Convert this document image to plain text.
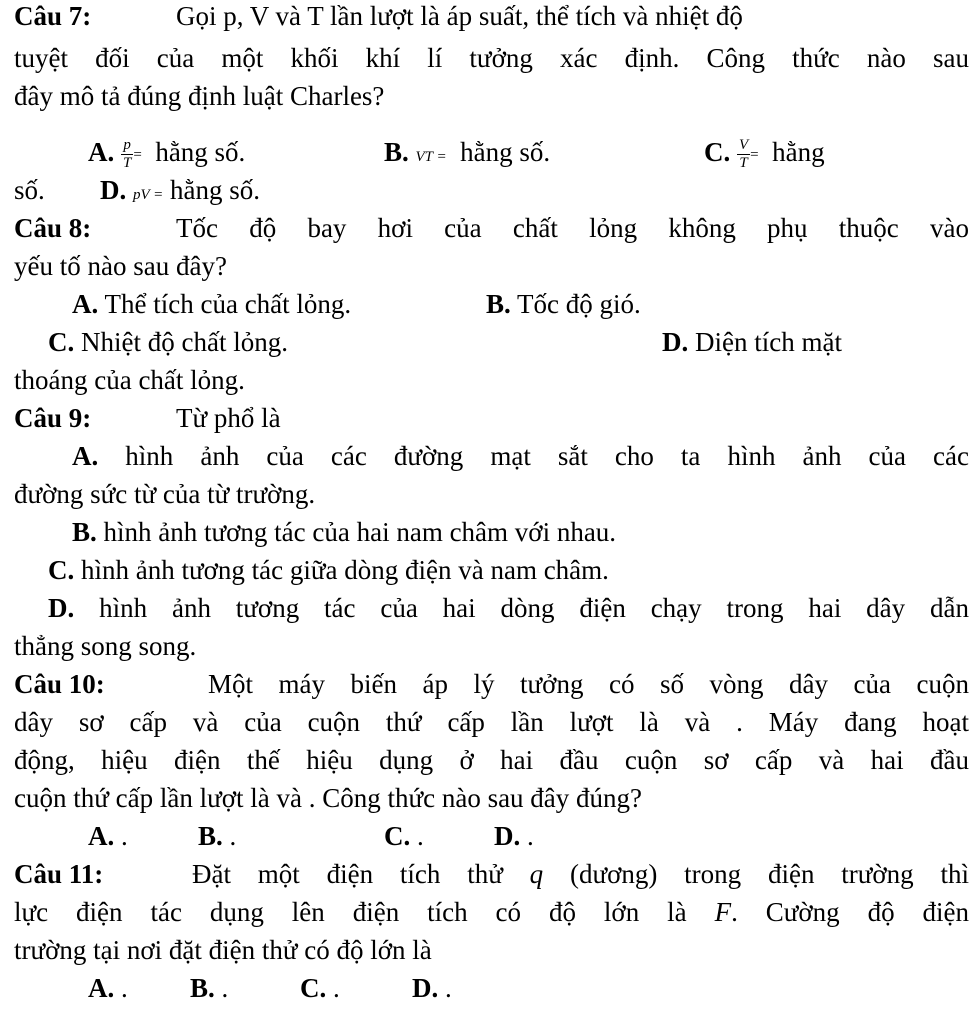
Câu 7:	Gọi p, V và T lần lượt là áp suất, thể tích và nhiệt độ
tuyệt đối của một khối khí lí tưởng xác định. Công thức nào sau
đây mô tả đúng định luật Charles?
A. $\frac{p}{T}$ = hằng số.	B. VT = hằng số.	C. $\frac{V}{T}$ = hằng
số. D. pV = hằng số.
Câu 8:	Tốc độ bay hơi của chất lỏng không phụ thuộc vào
yếu tố nào sau đây?
A. Thể tích của chất lỏng.	B. Tốc độ gió.
C. Nhiệt độ chất lỏng.	D. Diện tích mặt
thoáng của chất lỏng.
Câu 9:	Từ phổ là
A. hình ảnh của các đường mạt sắt cho ta hình ảnh của các
đường sức từ của từ trường.
B. hình ảnh tương tác của hai nam châm với nhau.
C. hình ảnh tương tác giữa dòng điện và nam châm.
D. hình ảnh tương tác của hai dòng điện chạy trong hai dây dẫn
thẳng song song.
Câu 10:	Một máy biến áp lý tưởng có số vòng dây của cuộn
dây sơ cấp và của cuộn thứ cấp lần lượt là và . Máy đang hoạt
động, hiệu điện thế hiệu dụng ở hai đầu cuộn sơ cấp và hai đầu
cuộn thứ cấp lần lượt là và . Công thức nào sau đây đúng?
A. .	B. .	C. .	D. .
Câu 11:	Đặt một điện tích thử q (dương) trong điện trường thì
lực điện tác dụng lên điện tích có độ lớn là F. Cường độ điện
trường tại nơi đặt điện thử có độ lớn là
A. . B. .	C. .	D. .
